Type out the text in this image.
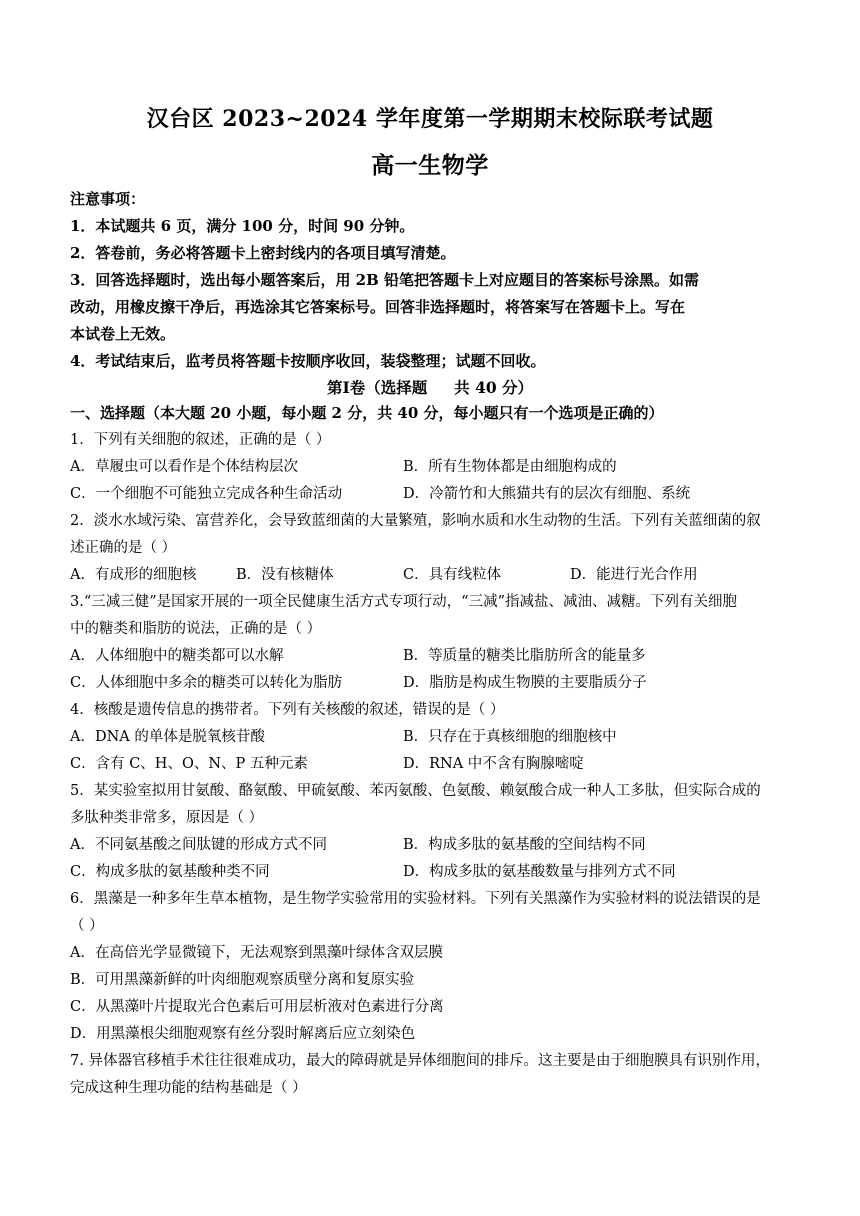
汉台区 2023~2024 学年度第一学期期末校际联考试题
高一生物学
注意事项：
1．本试题共 6 页，满分 100 分，时间 90 分钟。
2．答卷前，务必将答题卡上密封线内的各项目填写清楚。
3．回答选择题时，选出每小题答案后，用 2B 铅笔把答题卡上对应题目的答案标号涂黑。如需
改动，用橡皮擦干净后，再选涂其它答案标号。回答非选择题时，将答案写在答题卡上。写在
本试卷上无效。
4．考试结束后，监考员将答题卡按顺序收回，装袋整理；试题不回收。
第Ⅰ卷（选择题     共 40 分）
一、选择题（本大题 20 小题，每小题 2 分，共 40 分，每小题只有一个选项是正确的）
1．下列有关细胞的叙述，正确的是（ ）
A．草履虫可以看作是个体结构层次	B．所有生物体都是由细胞构成的
C．一个细胞不可能独立完成各种生命活动	D．冷箭竹和大熊猫共有的层次有细胞、系统
2．淡水水域污染、富营养化，会导致蓝细菌的大量繁殖，影响水质和水生动物的生活。下列有关蓝细菌的叙
述正确的是（ ）
A．有成形的细胞核	B．没有核糖体	C．具有线粒体	D．能进行光合作用
3.“三减三健”是国家开展的一项全民健康生活方式专项行动，“三减”指减盐、减油、减糖。下列有关细胞
中的糖类和脂肪的说法，正确的是（ ）
A．人体细胞中的糖类都可以水解	B．等质量的糖类比脂肪所含的能量多
C．人体细胞中多余的糖类可以转化为脂肪	D．脂肪是构成生物膜的主要脂质分子
4．核酸是遗传信息的携带者。下列有关核酸的叙述，错误的是（ ）
A．DNA 的单体是脱氧核苷酸	B．只存在于真核细胞的细胞核中
C．含有 C、H、O、N、P 五种元素	D．RNA 中不含有胸腺嘧啶
5．某实验室拟用甘氨酸、酪氨酸、甲硫氨酸、苯丙氨酸、色氨酸、赖氨酸合成一种人工多肽，但实际合成的
多肽种类非常多，原因是（ ）
A．不同氨基酸之间肽键的形成方式不同	B．构成多肽的氨基酸的空间结构不同
C．构成多肽的氨基酸种类不同	D．构成多肽的氨基酸数量与排列方式不同
6．黑藻是一种多年生草本植物，是生物学实验常用的实验材料。下列有关黑藻作为实验材料的说法错误的是
（ ）
A．在高倍光学显微镜下，无法观察到黑藻叶绿体含双层膜
B．可用黑藻新鲜的叶肉细胞观察质壁分离和复原实验
C．从黑藻叶片提取光合色素后可用层析液对色素进行分离
D．用黑藻根尖细胞观察有丝分裂时解离后应立刻染色
7. 异体器官移植手术往往很难成功，最大的障碍就是异体细胞间的排斥。这主要是由于细胞膜具有识别作用，
完成这种生理功能的结构基础是（ ）
